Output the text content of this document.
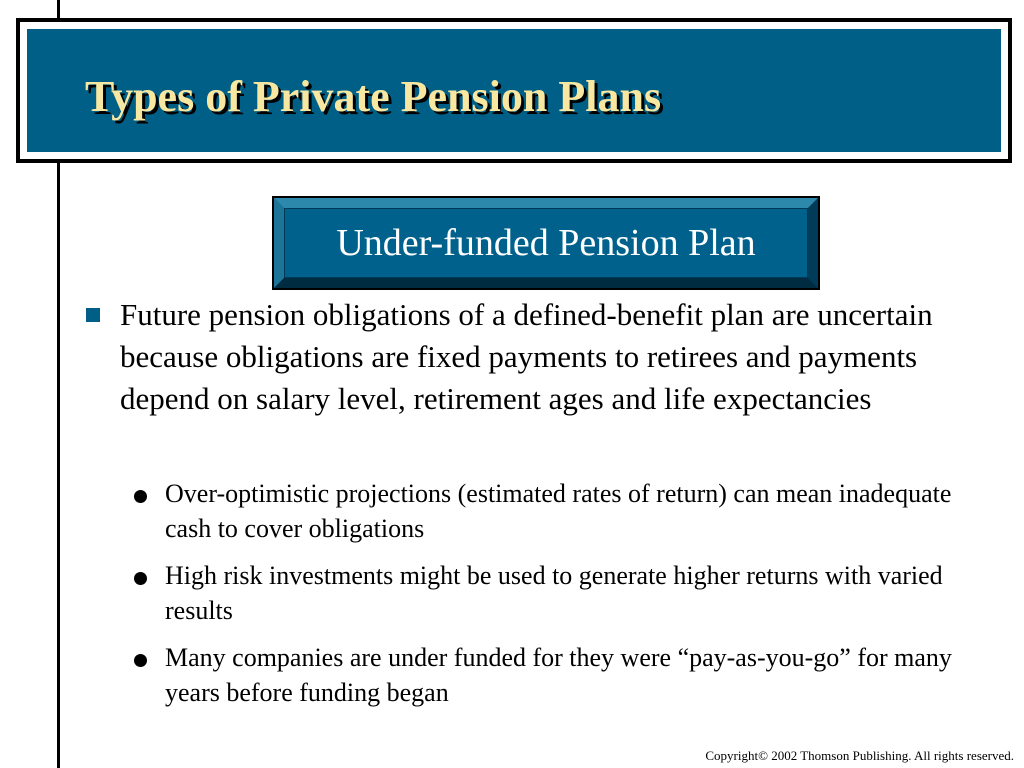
Types of Private Pension Plans
Under-funded Pension Plan
Future pension obligations of a defined-benefit plan are uncertain because obligations are fixed payments to retirees and payments depend on salary level, retirement ages and life expectancies
Over-optimistic projections (estimated rates of return) can mean inadequate cash to cover obligations
High risk investments might be used to generate higher returns with varied results
Many companies are under funded for they were “pay-as-you-go” for many years before funding began
Copyright© 2002 Thomson Publishing. All rights reserved.
